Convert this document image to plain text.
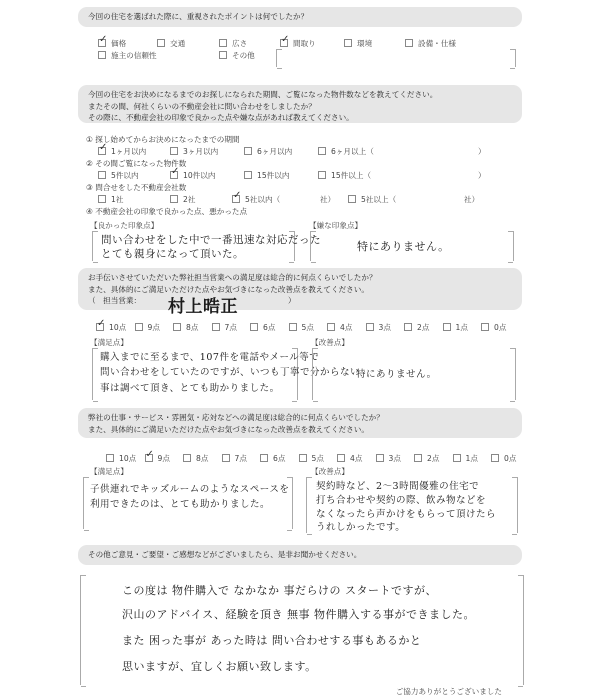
今回の住宅を選ばれた際に、重視されたポイントは何でしたか？
✓価格	交通	広さ ✓	間取り	環境	設備・仕様
施主の信頼性	その他
今回の住宅をお決めになるまでのお探しになられた期間、ご覧になった物件数などを教えてください。
またその間、何社くらいの不動産会社に問い合わせをしましたか？
その際に、不動産会社の印象で良かった点や嫌な点があれば教えてください。
① 探し始めてからお決めになったまでの期間
✓1ヶ月以内	3ヶ月以内	6ヶ月以内	6ヶ月以上（	）
② その間ご覧になった物件数
5件以内 ✓	10件以内	15件以内	15件以上（	）
③ 問合せをした不動産会社数
1社	2社 ✓	5社以内（	社）	5社以上（	社）
④ 不動産会社の印象で良かった点、悪かった点
【良かった印象点】
問い合わせをした中で一番迅速な対応だった
とても親身になって頂いた。
【嫌な印象点】
特にありません。
お手伝いさせていただいた弊社担当営業への満足度は総合的に何点くらいでしたか？
また、具体的にご満足いただけた点やお気づきになった改善点を教えてください。
（　担当営業：	）
村上晧正
✓10点	9点	8点	7点	6点	5点	4点	3点	2点	1点	0点
【満足点】
購入までに至るまで、107件を電話やメール等で
問い合わせをしていたのですが、いつも丁寧で分からない
事は調べて頂き、とても助かりました。
【改善点】
特にありません。
弊社の仕事・サービス・雰囲気・応対などへの満足度は総合的に何点くらいでしたか？
また、具体的にご満足いただけた点やお気づきになった改善点を教えてください。
10点 ✓	9点	8点	7点	6点	5点	4点	3点	2点	1点	0点
【満足点】
子供連れでキッズルームのようなスペースを
利用できたのは、とても助かりました。
【改善点】
契約時など、2〜3時間優雅の住宅で
打ち合わせや契約の際、飲み物などを
なくなったら声かけをもらって頂けたら
うれしかったです。
その他ご意見・ご要望・ご感想などがございましたら、是非お聞かせください。
この度は 物件購入で なかなか 事だらけの スタートですが、
沢山のアドバイス、経験を頂き 無事 物件購入する事ができました。
また 困った事が あった時は 問い合わせする事もあるかと
思いますが、宜しくお願い致します。
ご協力ありがとうございました
